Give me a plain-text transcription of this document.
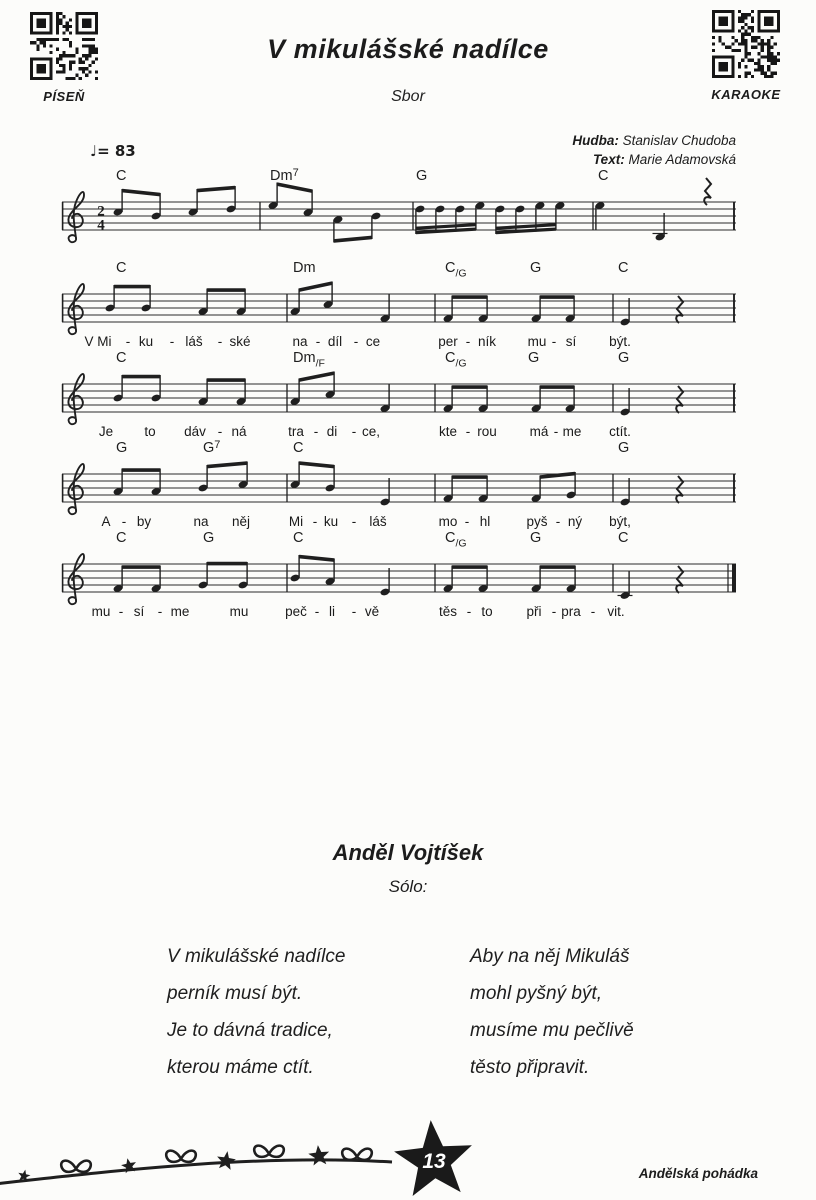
PÍSEŇ	KARAOKE
V mikulášské nadílce
Sbor
Hudba: Stanislav Chudoba
Text: Marie Adamovská
♩= 83
2
4
C	Dm$^7$	G	C
C	Dm	$C_{/G}$	G	C
V Mi - ku - láš - ské	na - díl - ce	per - ník mu - sí být.
C	$Dm_{/F}$	$C_{/G}$	G	G
Je to dáv - ná	tra - di - ce,	kte - rou má - me ctít.
G	$G^7$	C	G
A - by	na něj	Mi - ku - láš	mo - hl	pyš - ný být,
C	G	C	$C_{/G}$	G	C
mu - sí - me	mu	peč - li - vě	těs - to	při - pra - vit.
Anděl Vojtíšek
Sólo:
V mikulášské nadílce
perník musí být.
Je to dávná tradice,
kterou máme ctít.
Aby na něj Mikuláš
mohl pyšný být,
musíme mu pečlivě
těsto připravit.
13
Andělská pohádka
